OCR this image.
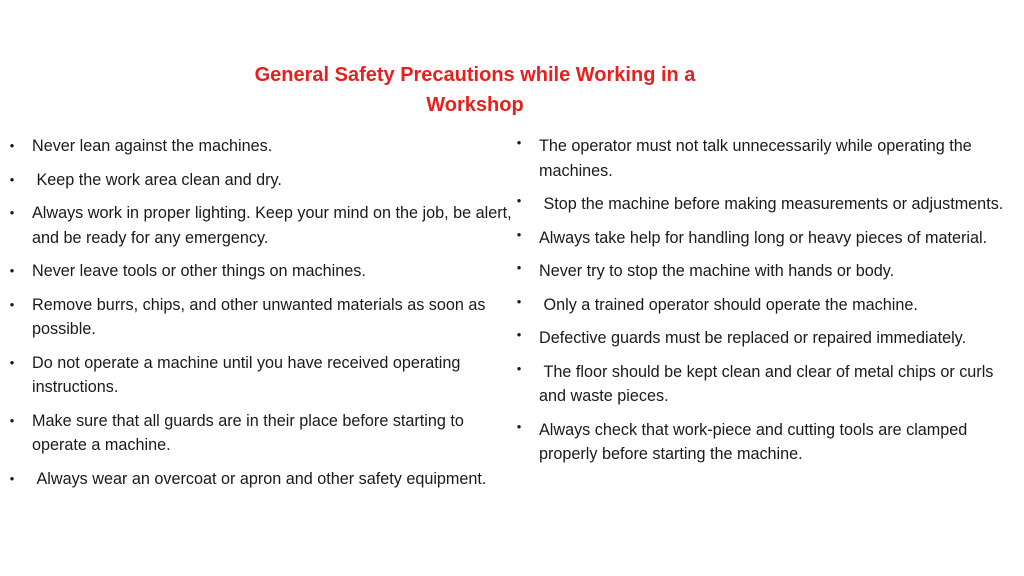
General Safety Precautions while Working in a
Workshop
• Never lean against the machines.
• Keep the work area clean and dry.
• Always work in proper lighting. Keep your mind on the job, be alert, and be ready for any emergency.
• Never leave tools or other things on machines.
• Remove burrs, chips, and other unwanted materials as soon as possible.
• Do not operate a machine until you have received operating instructions.
• Make sure that all guards are in their place before starting to operate a machine.
• Always wear an overcoat or apron and other safety equipment.
• The operator must not talk unnecessarily while operating the machines.
• Stop the machine before making measurements or adjustments.
• Always take help for handling long or heavy pieces of material.
• Never try to stop the machine with hands or body.
• Only a trained operator should operate the machine.
• Defective guards must be replaced or repaired immediately.
• The floor should be kept clean and clear of metal chips or curls and waste pieces.
• Always check that work-piece and cutting tools are clamped properly before starting the machine.
